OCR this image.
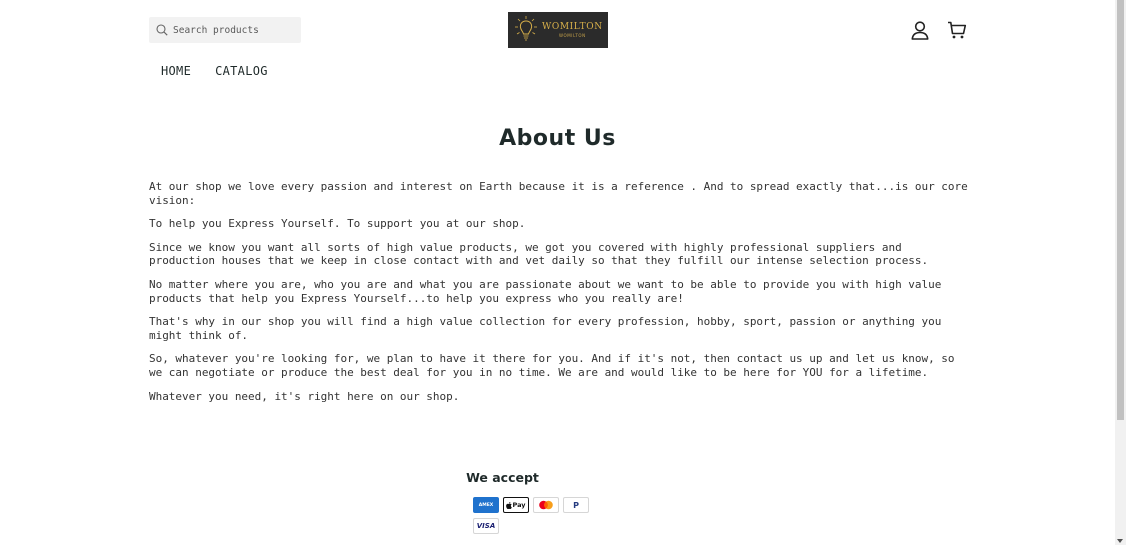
Search products
WOMILTON
WOMILTON
HOME	CATALOG
About Us

At our shop we love every passion and interest on Earth because it is a reference . And to spread exactly that...is our core vision:

To help you Express Yourself. To support you at our shop.

Since we know you want all sorts of high value products, we got you covered with highly professional suppliers and production houses that we keep in close contact with and vet daily so that they fulfill our intense selection process.

No matter where you are, who you are and what you are passionate about we want to be able to provide you with high value products that help you Express Yourself...to help you express who you really are!

That's why in our shop you will find a high value collection for every profession, hobby, sport, passion or anything you might think of.

So, whatever you're looking for, we plan to have it there for you. And if it's not, then contact us up and let us know, so we can negotiate or produce the best deal for you in no time. We are and would like to be here for YOU for a lifetime.

Whatever you need, it's right here on our shop.

We accept
AMEX	Pay	P
VISA
